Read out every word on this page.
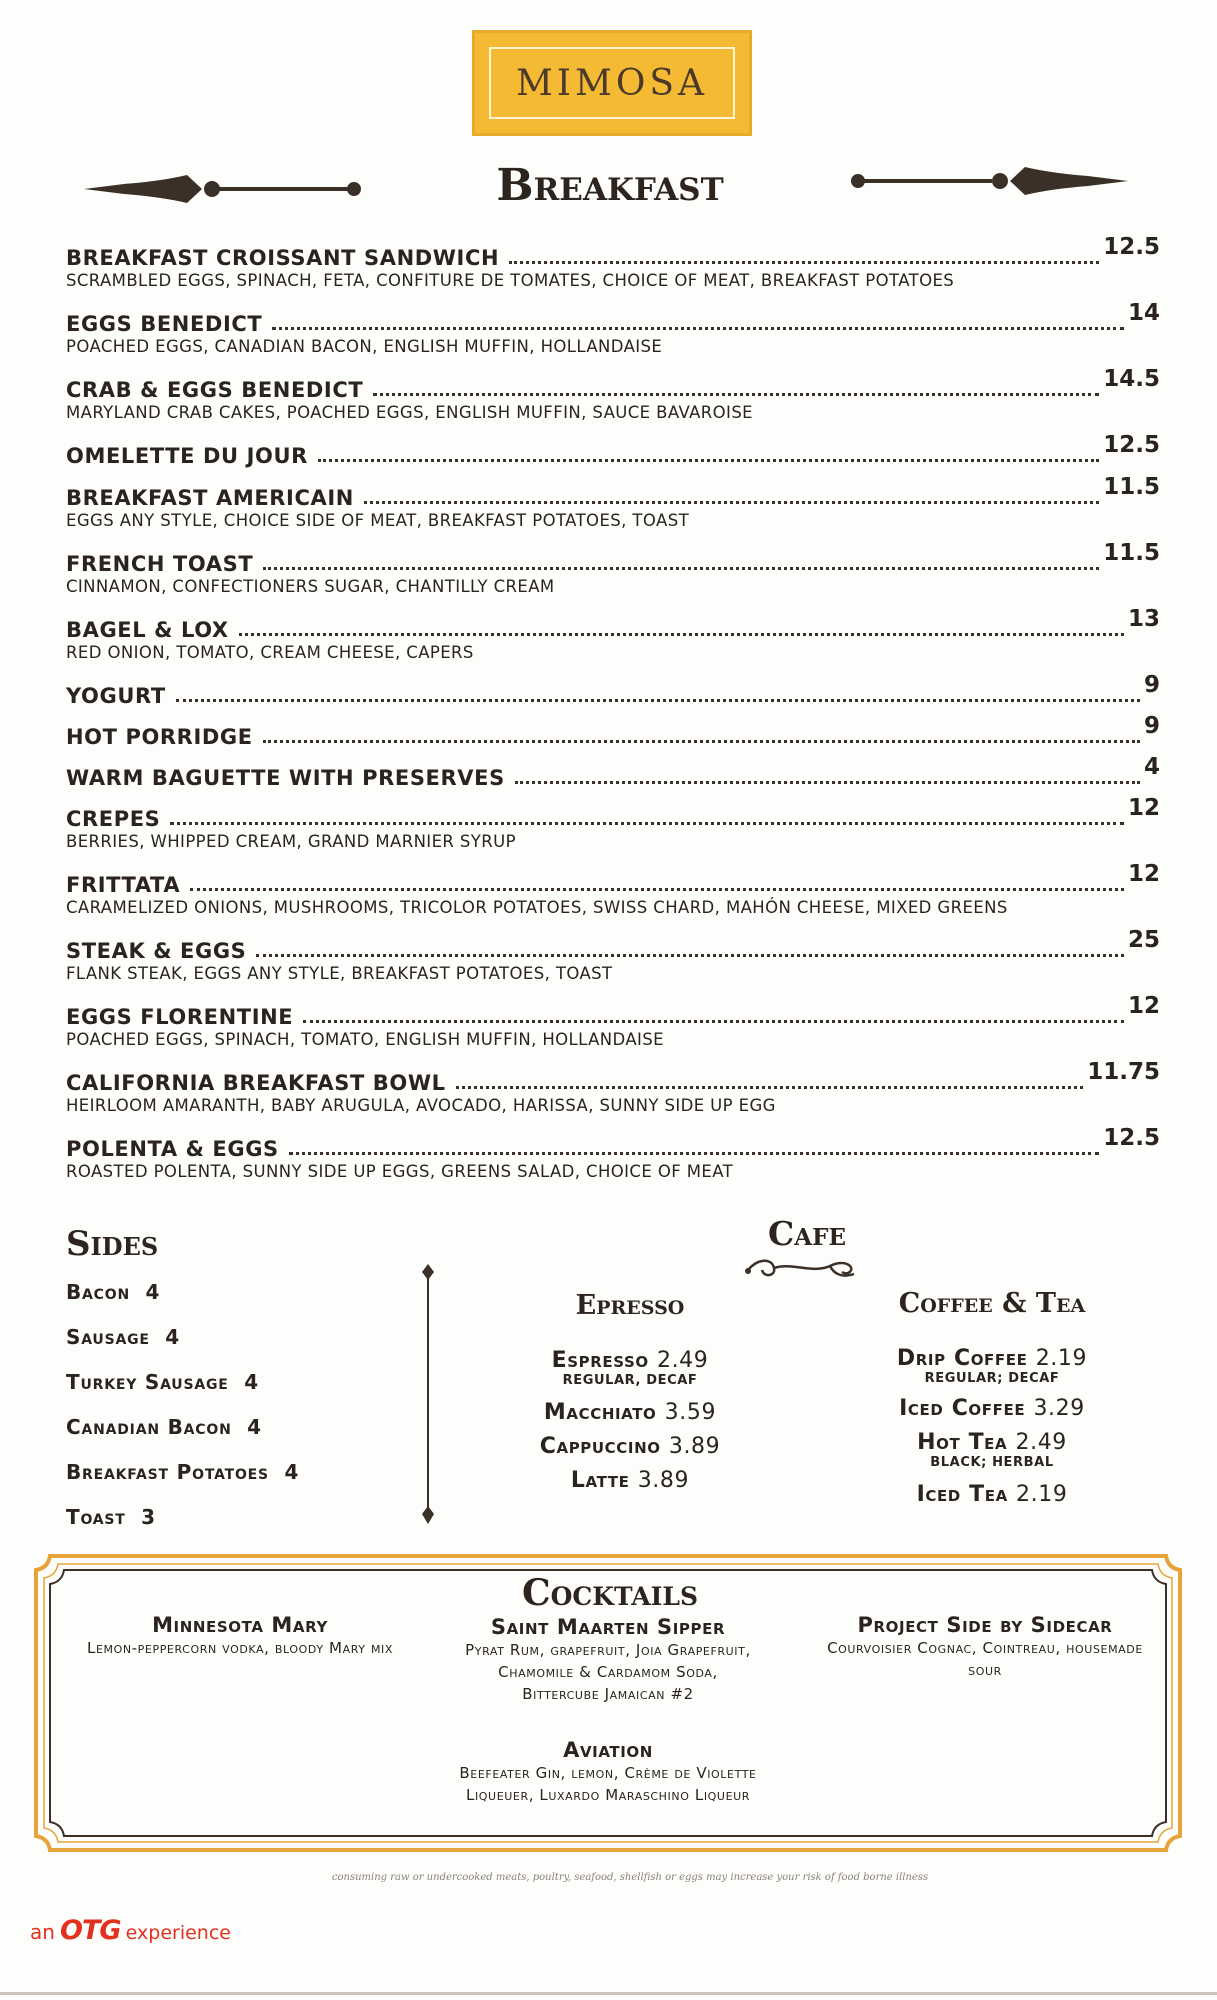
MIMOSA
Breakfast
BREAKFAST CROISSANT SANDWICH	12.5
SCRAMBLED EGGS, SPINACH, FETA, CONFITURE DE TOMATES, CHOICE OF MEAT, BREAKFAST POTATOES
EGGS BENEDICT	14
POACHED EGGS, CANADIAN BACON, ENGLISH MUFFIN, HOLLANDAISE
CRAB & EGGS BENEDICT	14.5
MARYLAND CRAB CAKES, POACHED EGGS, ENGLISH MUFFIN, SAUCE BAVAROISE
OMELETTE DU JOUR	12.5
BREAKFAST AMERICAIN	11.5
EGGS ANY STYLE, CHOICE SIDE OF MEAT, BREAKFAST POTATOES, TOAST
FRENCH TOAST	11.5
CINNAMON, CONFECTIONERS SUGAR, CHANTILLY CREAM
BAGEL & LOX	13
RED ONION, TOMATO, CREAM CHEESE, CAPERS
YOGURT	9
HOT PORRIDGE	9
WARM BAGUETTE WITH PRESERVES	4
CREPES	12
BERRIES, WHIPPED CREAM, GRAND MARNIER SYRUP
FRITTATA	12
CARAMELIZED ONIONS, MUSHROOMS, TRICOLOR POTATOES, SWISS CHARD, MAHÓN CHEESE, MIXED GREENS
STEAK & EGGS	25
FLANK STEAK, EGGS ANY STYLE, BREAKFAST POTATOES, TOAST
EGGS FLORENTINE	12
POACHED EGGS, SPINACH, TOMATO, ENGLISH MUFFIN, HOLLANDAISE
CALIFORNIA BREAKFAST BOWL	11.75
HEIRLOOM AMARANTH, BABY ARUGULA, AVOCADO, HARISSA, SUNNY SIDE UP EGG
POLENTA & EGGS	12.5
ROASTED POLENTA, SUNNY SIDE UP EGGS, GREENS SALAD, CHOICE OF MEAT
Sides
Bacon 4
Sausage 4
Turkey Sausage 4
Canadian Bacon 4
Breakfast Potatoes 4
Toast 3
Cafe
Epresso	Coffee & Tea
Espresso 2.49
REGULAR, DECAF
Macchiato 3.59
Cappuccino 3.89
Latte 3.89
Drip Coffee 2.19
REGULAR; DECAF
Iced Coffee 3.29
Hot Tea 2.49
BLACK; HERBAL
Iced Tea 2.19
Cocktails
Minnesota Mary
Lemon-peppercorn vodka, bloody Mary mix
Saint Maarten Sipper
Pyrat Rum, grapefruit, Joia Grapefruit, Chamomile & Cardamom Soda, Bittercube Jamaican #2
Project Side by Sidecar
Courvoisier Cognac, Cointreau, housemade sour
Aviation
Beefeater Gin, lemon, Crème de Violette Liqueuer, Luxardo Maraschino Liqueur
consuming raw or undercooked meats, poultry, seafood, shellfish or eggs may increase your risk of food borne illness
an OTG experience
